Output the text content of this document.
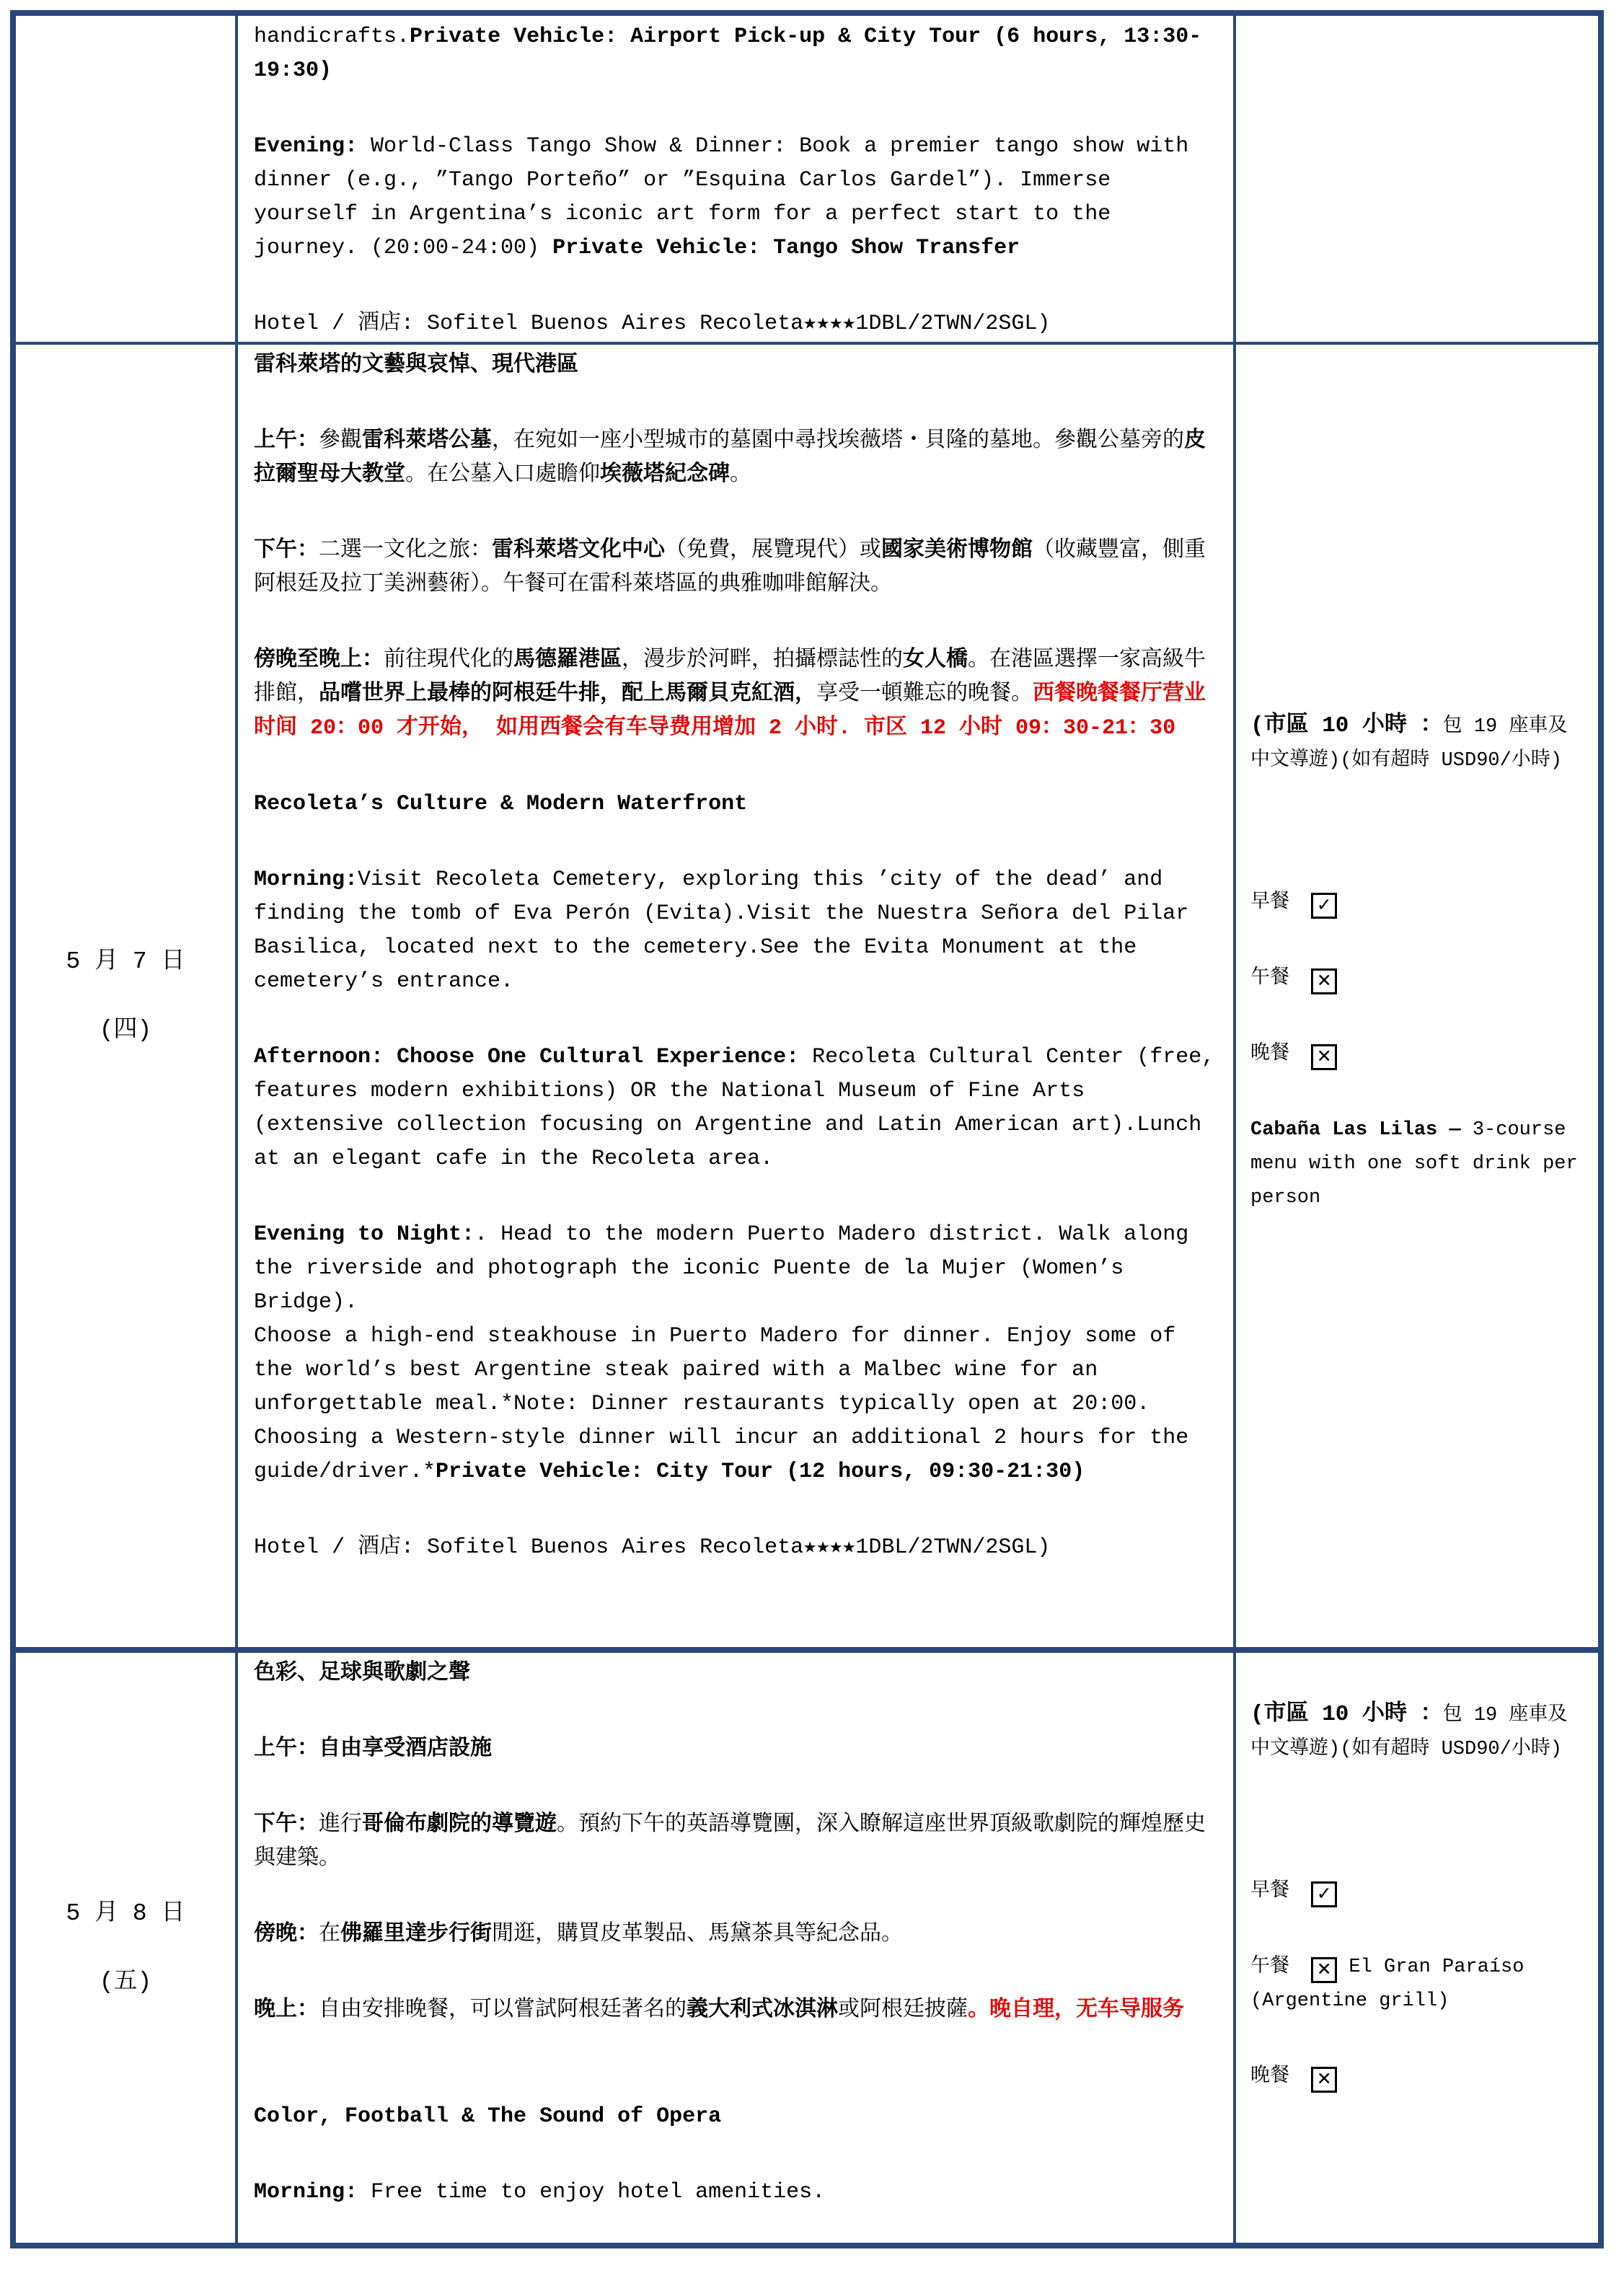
handicrafts.Private Vehicle: Airport Pick-up & City Tour (6 hours, 13:30-19:30)

Evening: World-Class Tango Show & Dinner: Book a premier tango show with dinner (e.g., ”Tango Porteño” or ”Esquina Carlos Gardel”). Immerse yourself in Argentina’s iconic art form for a perfect start to the journey. (20:00-24:00) Private Vehicle: Tango Show Transfer

Hotel / 酒店: Sofitel Buenos Aires Recoleta★★★★1DBL/2TWN/2SGL)

5 月 7 日

(四)

雷科萊塔的文藝與哀悼、現代港區

上午：參觀雷科萊塔公墓，在宛如一座小型城市的墓園中尋找埃薇塔・貝隆的墓地。參觀公墓旁的皮拉爾聖母大教堂。在公墓入口處瞻仰埃薇塔紀念碑。

下午：二選一文化之旅：雷科萊塔文化中心（免費，展覽現代）或國家美術博物館（收藏豐富，側重阿根廷及拉丁美洲藝術）。午餐可在雷科萊塔區的典雅咖啡館解決。

傍晚至晚上：前往現代化的馬德羅港區，漫步於河畔，拍攝標誌性的女人橋。在港區選擇一家高級牛排館，品嚐世界上最棒的阿根廷牛排，配上馬爾貝克紅酒，享受一頓難忘的晚餐。西餐晚餐餐厅营业时间 20：00 才开始， 如用西餐会有车导费用增加 2 小时. 市区 12 小时 09：30-21：30

Recoleta’s Culture & Modern Waterfront

Morning:Visit Recoleta Cemetery, exploring this ’city of the dead’ and finding the tomb of Eva Perón (Evita).Visit the Nuestra Señora del Pilar Basilica, located next to the cemetery.See the Evita Monument at the cemetery’s entrance.

Afternoon: Choose One Cultural Experience: Recoleta Cultural Center (free, features modern exhibitions) OR the National Museum of Fine Arts (extensive collection focusing on Argentine and Latin American art).Lunch at an elegant cafe in the Recoleta area.

Evening to Night:. Head to the modern Puerto Madero district. Walk along the riverside and photograph the iconic Puente de la Mujer (Women’s Bridge).

Choose a high-end steakhouse in Puerto Madero for dinner. Enjoy some of the world’s best Argentine steak paired with a Malbec wine for an unforgettable meal.*Note: Dinner restaurants typically open at 20:00. Choosing a Western-style dinner will incur an additional 2 hours for the guide/driver.*Private Vehicle: City Tour (12 hours, 09:30-21:30)

Hotel / 酒店: Sofitel Buenos Aires Recoleta★★★★1DBL/2TWN/2SGL)

(市區 10 小時 ：包 19 座車及中文導遊)(如有超時 USD90/小時)

早餐 ✓

午餐 ✕

晚餐 ✕

Cabaña Las Lilas — 3-course menu with one soft drink per person

5 月 8 日

(五)

色彩、足球與歌劇之聲

上午：自由享受酒店設施

下午：進行哥倫布劇院的導覽遊。預約下午的英語導覽團，深入瞭解這座世界頂級歌劇院的輝煌歷史與建築。

傍晚：在佛羅里達步行街閒逛，購買皮革製品、馬黛茶具等紀念品。

晚上：自由安排晚餐，可以嘗試阿根廷著名的義大利式冰淇淋或阿根廷披薩。晚自理，无车导服务

Color, Football & The Sound of Opera

Morning: Free time to enjoy hotel amenities.

(市區 10 小時 ：包 19 座車及中文導遊)(如有超時 USD90/小時)

早餐 ✓

午餐 ✕ El Gran Paraíso (Argentine grill)

晚餐 ✕
